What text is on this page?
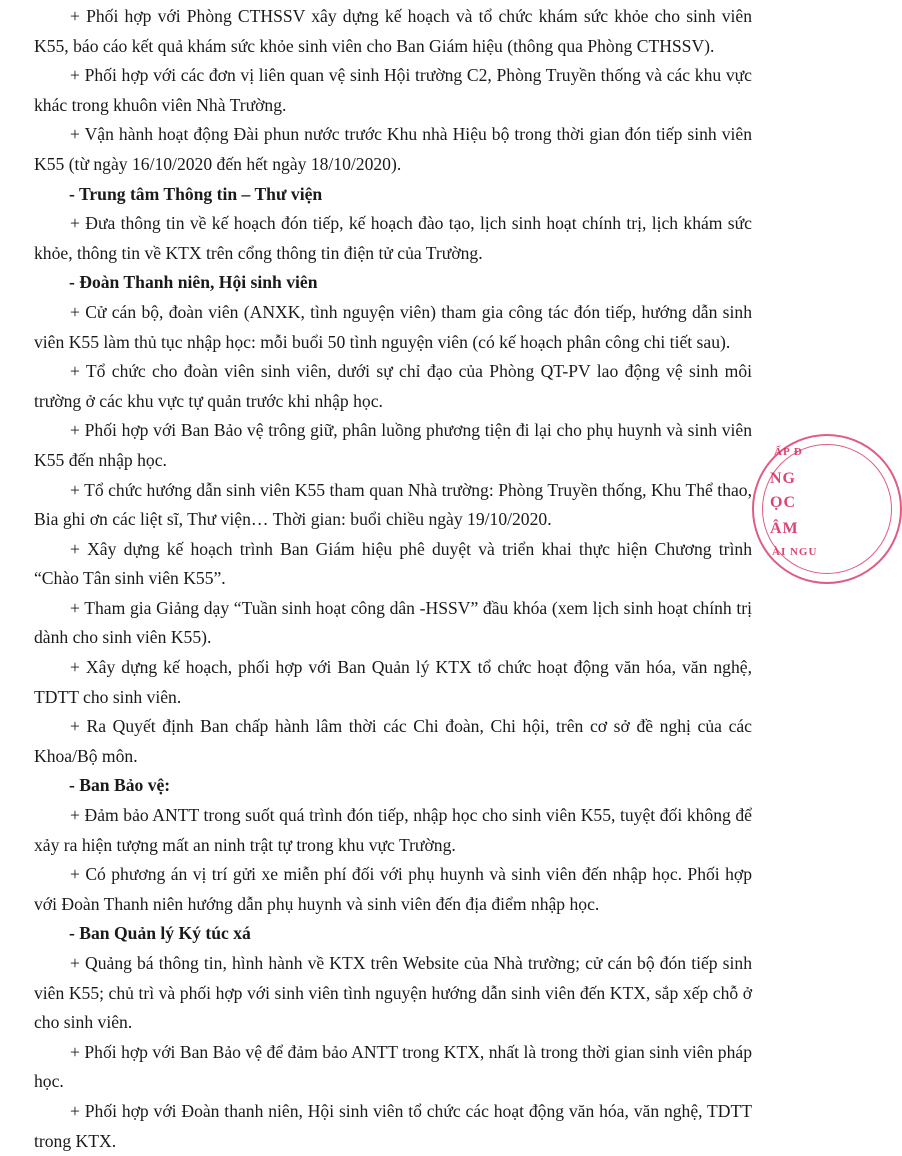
+ Phối hợp với Phòng CTHSSV xây dựng kế hoạch và tổ chức khám sức khỏe cho sinh viên K55, báo cáo kết quả khám sức khỏe sinh viên cho Ban Giám hiệu (thông qua Phòng CTHSSV).

+ Phối hợp với các đơn vị liên quan vệ sinh Hội trường C2, Phòng Truyền thống và các khu vực khác trong khuôn viên Nhà Trường.

+ Vận hành hoạt động Đài phun nước trước Khu nhà Hiệu bộ trong thời gian đón tiếp sinh viên K55 (từ ngày 16/10/2020 đến hết ngày 18/10/2020).

- Trung tâm Thông tin – Thư viện

+ Đưa thông tin về kế hoạch đón tiếp, kế hoạch đào tạo, lịch sinh hoạt chính trị, lịch khám sức khỏe, thông tin về KTX trên cổng thông tin điện tử của Trường.

- Đoàn Thanh niên, Hội sinh viên

+ Cử cán bộ, đoàn viên (ANXK, tình nguyện viên) tham gia công tác đón tiếp, hướng dẫn sinh viên K55 làm thủ tục nhập học: mỗi buổi 50 tình nguyện viên (có kế hoạch phân công chi tiết sau).

+ Tổ chức cho đoàn viên sinh viên, dưới sự chỉ đạo của Phòng QT-PV lao động vệ sinh môi trường ở các khu vực tự quản trước khi nhập học.

+ Phối hợp với Ban Bảo vệ trông giữ, phân luồng phương tiện đi lại cho phụ huynh và sinh viên K55 đến nhập học.

+ Tổ chức hướng dẫn sinh viên K55 tham quan Nhà trường: Phòng Truyền thống, Khu Thể thao, Bia ghi ơn các liệt sĩ, Thư viện… Thời gian: buổi chiều ngày 19/10/2020.

+ Xây dựng kế hoạch trình Ban Giám hiệu phê duyệt và triển khai thực hiện Chương trình “Chào Tân sinh viên K55”.

+ Tham gia Giảng dạy “Tuần sinh hoạt công dân -HSSV” đầu khóa (xem lịch sinh hoạt chính trị dành cho sinh viên K55).

+ Xây dựng kế hoạch, phối hợp với Ban Quản lý KTX tổ chức hoạt động văn hóa, văn nghệ, TDTT cho sinh viên.

+ Ra Quyết định Ban chấp hành lâm thời các Chi đoàn, Chi hội, trên cơ sở đề nghị của các Khoa/Bộ môn.

- Ban Bảo vệ:

+ Đảm bảo ANTT trong suốt quá trình đón tiếp, nhập học cho sinh viên K55, tuyệt đối không để xảy ra hiện tượng mất an ninh trật tự trong khu vực Trường.

+ Có phương án vị trí gửi xe miễn phí đối với phụ huynh và sinh viên đến nhập học. Phối hợp với Đoàn Thanh niên hướng dẫn phụ huynh và sinh viên đến địa điểm nhập học.

- Ban Quản lý Ký túc xá

+ Quảng bá thông tin, hình hành về KTX trên Website của Nhà trường; cử cán bộ đón tiếp sinh viên K55; chủ trì và phối hợp với sinh viên tình nguyện hướng dẫn sinh viên đến KTX, sắp xếp chỗ ở cho sinh viên.

+ Phối hợp với Ban Bảo vệ để đảm bảo ANTT trong KTX, nhất là trong thời gian sinh viên pháp học.

+ Phối hợp với Đoàn thanh niên, Hội sinh viên tổ chức các hoạt động văn hóa, văn nghệ, TDTT trong KTX.

ẤP Đ
NG
ỌC
ÂM
ÀI NGU
